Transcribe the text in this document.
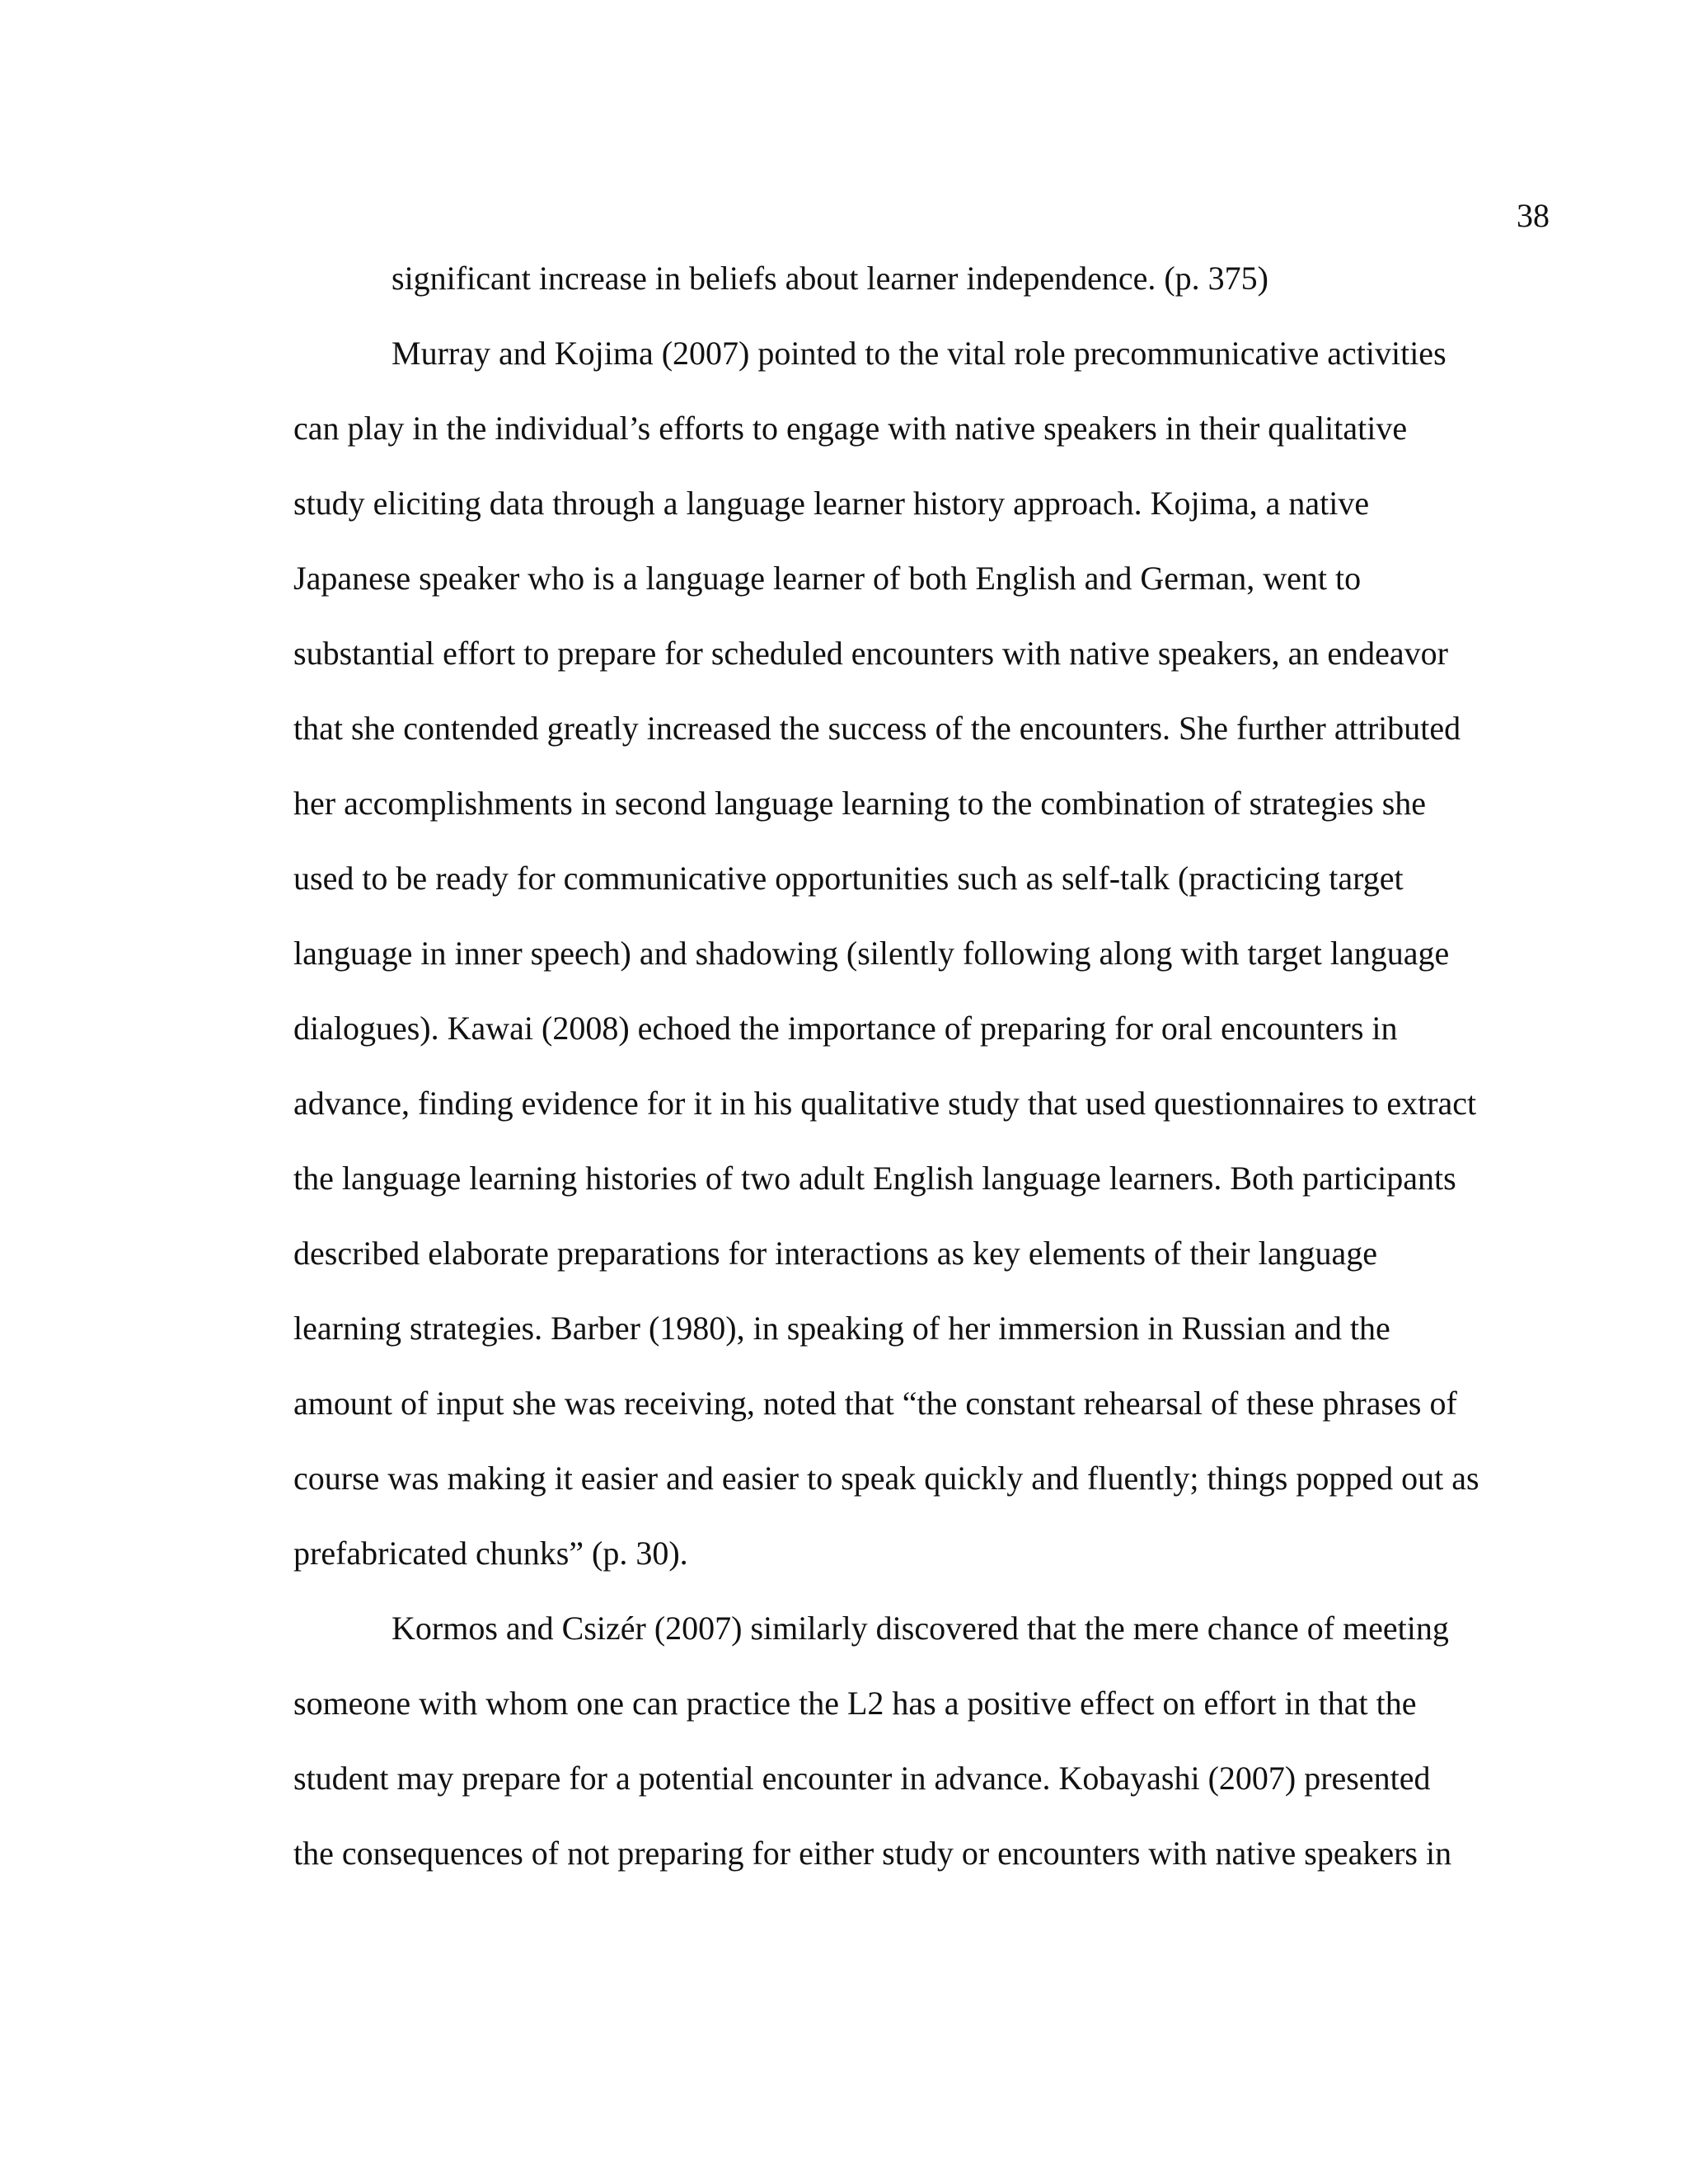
38
significant increase in beliefs about learner independence. (p. 375)
Murray and Kojima (2007) pointed to the vital role precommunicative activities
can play in the individual’s efforts to engage with native speakers in their qualitative
study eliciting data through a language learner history approach. Kojima, a native
Japanese speaker who is a language learner of both English and German, went to
substantial effort to prepare for scheduled encounters with native speakers, an endeavor
that she contended greatly increased the success of the encounters. She further attributed
her accomplishments in second language learning to the combination of strategies she
used to be ready for communicative opportunities such as self-talk (practicing target
language in inner speech) and shadowing (silently following along with target language
dialogues). Kawai (2008) echoed the importance of preparing for oral encounters in
advance, finding evidence for it in his qualitative study that used questionnaires to extract
the language learning histories of two adult English language learners. Both participants
described elaborate preparations for interactions as key elements of their language
learning strategies. Barber (1980), in speaking of her immersion in Russian and the
amount of input she was receiving, noted that “the constant rehearsal of these phrases of
course was making it easier and easier to speak quickly and fluently; things popped out as
prefabricated chunks” (p. 30).
Kormos and Csizér (2007) similarly discovered that the mere chance of meeting
someone with whom one can practice the L2 has a positive effect on effort in that the
student may prepare for a potential encounter in advance. Kobayashi (2007) presented
the consequences of not preparing for either study or encounters with native speakers in
